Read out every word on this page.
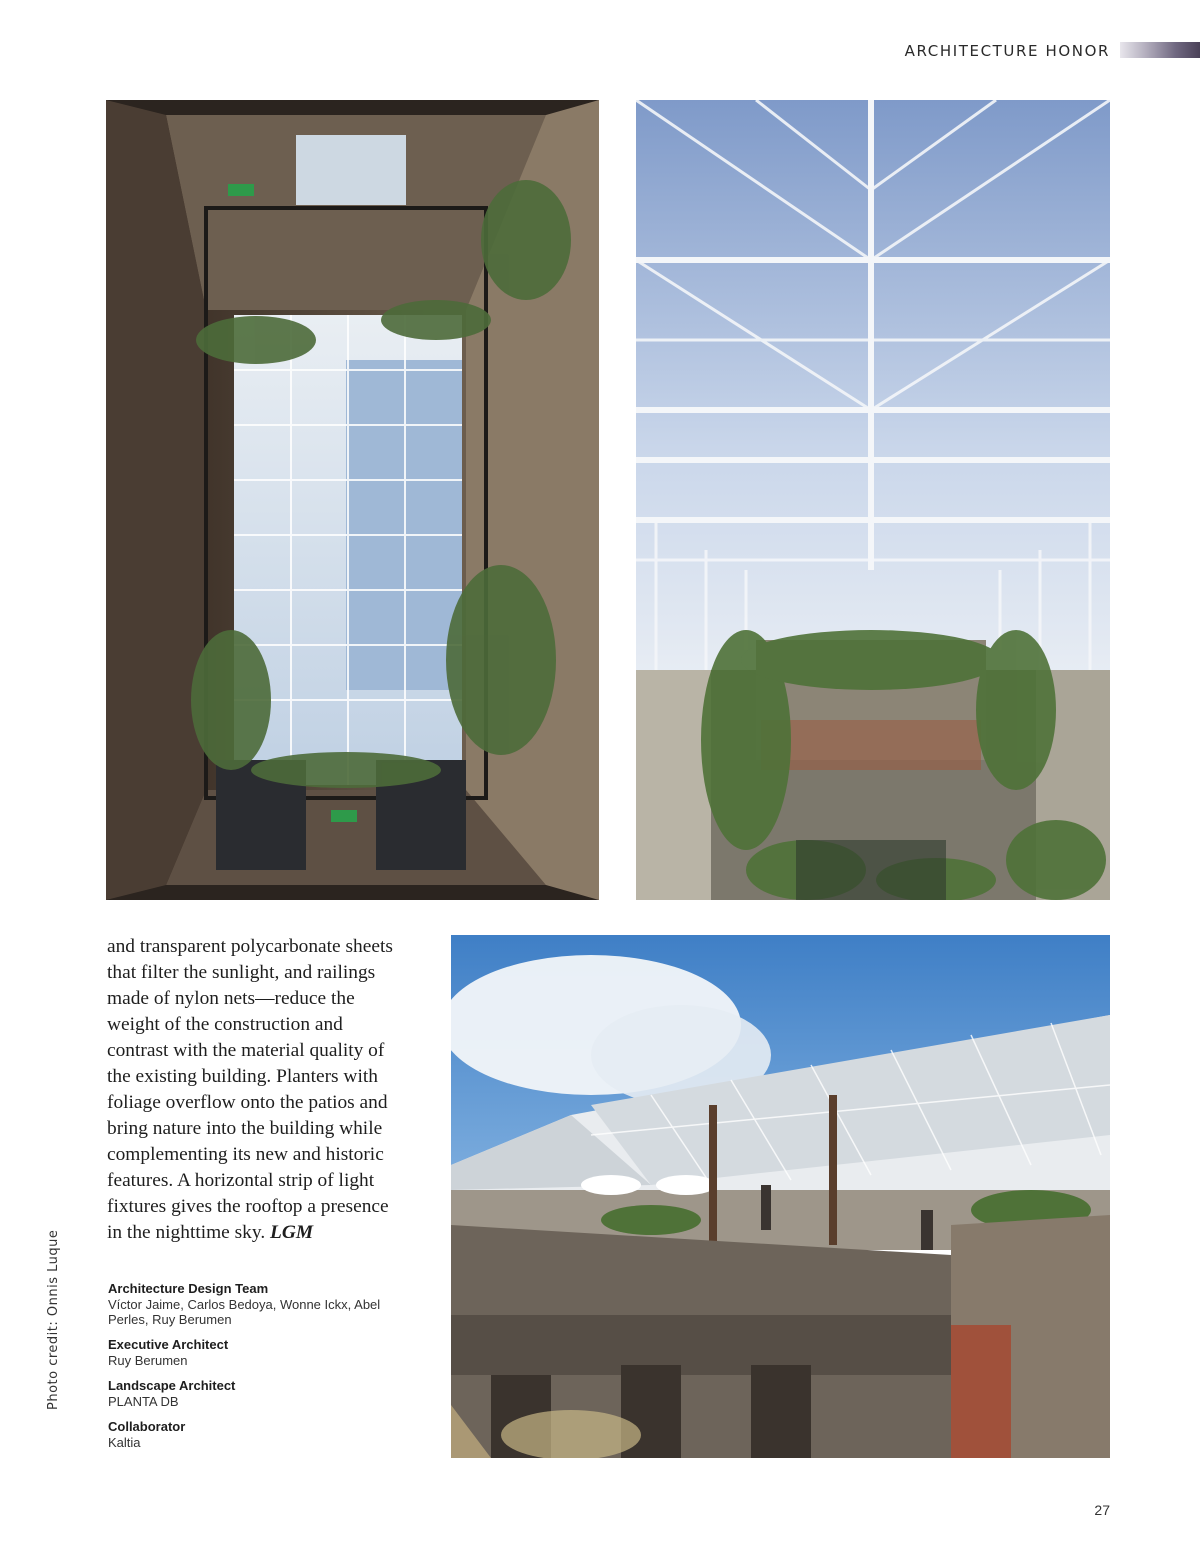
ARCHITECTURE HONOR
and transparent polycarbonate sheets that filter the sunlight, and railings made of nylon nets—reduce the weight of the construction and contrast with the material quality of the existing building. Planters with foliage overflow onto the patios and bring nature into the building while complementing its new and historic features. A horizontal strip of light fixtures gives the rooftop a presence in the nighttime sky. LGM
Architecture Design Team
Víctor Jaime, Carlos Bedoya, Wonne Ickx, Abel Perles, Ruy Berumen
Executive Architect
Ruy Berumen
Landscape Architect
PLANTA DB
Collaborator
Kaltia
Photo credit: Onnis Luque
27
